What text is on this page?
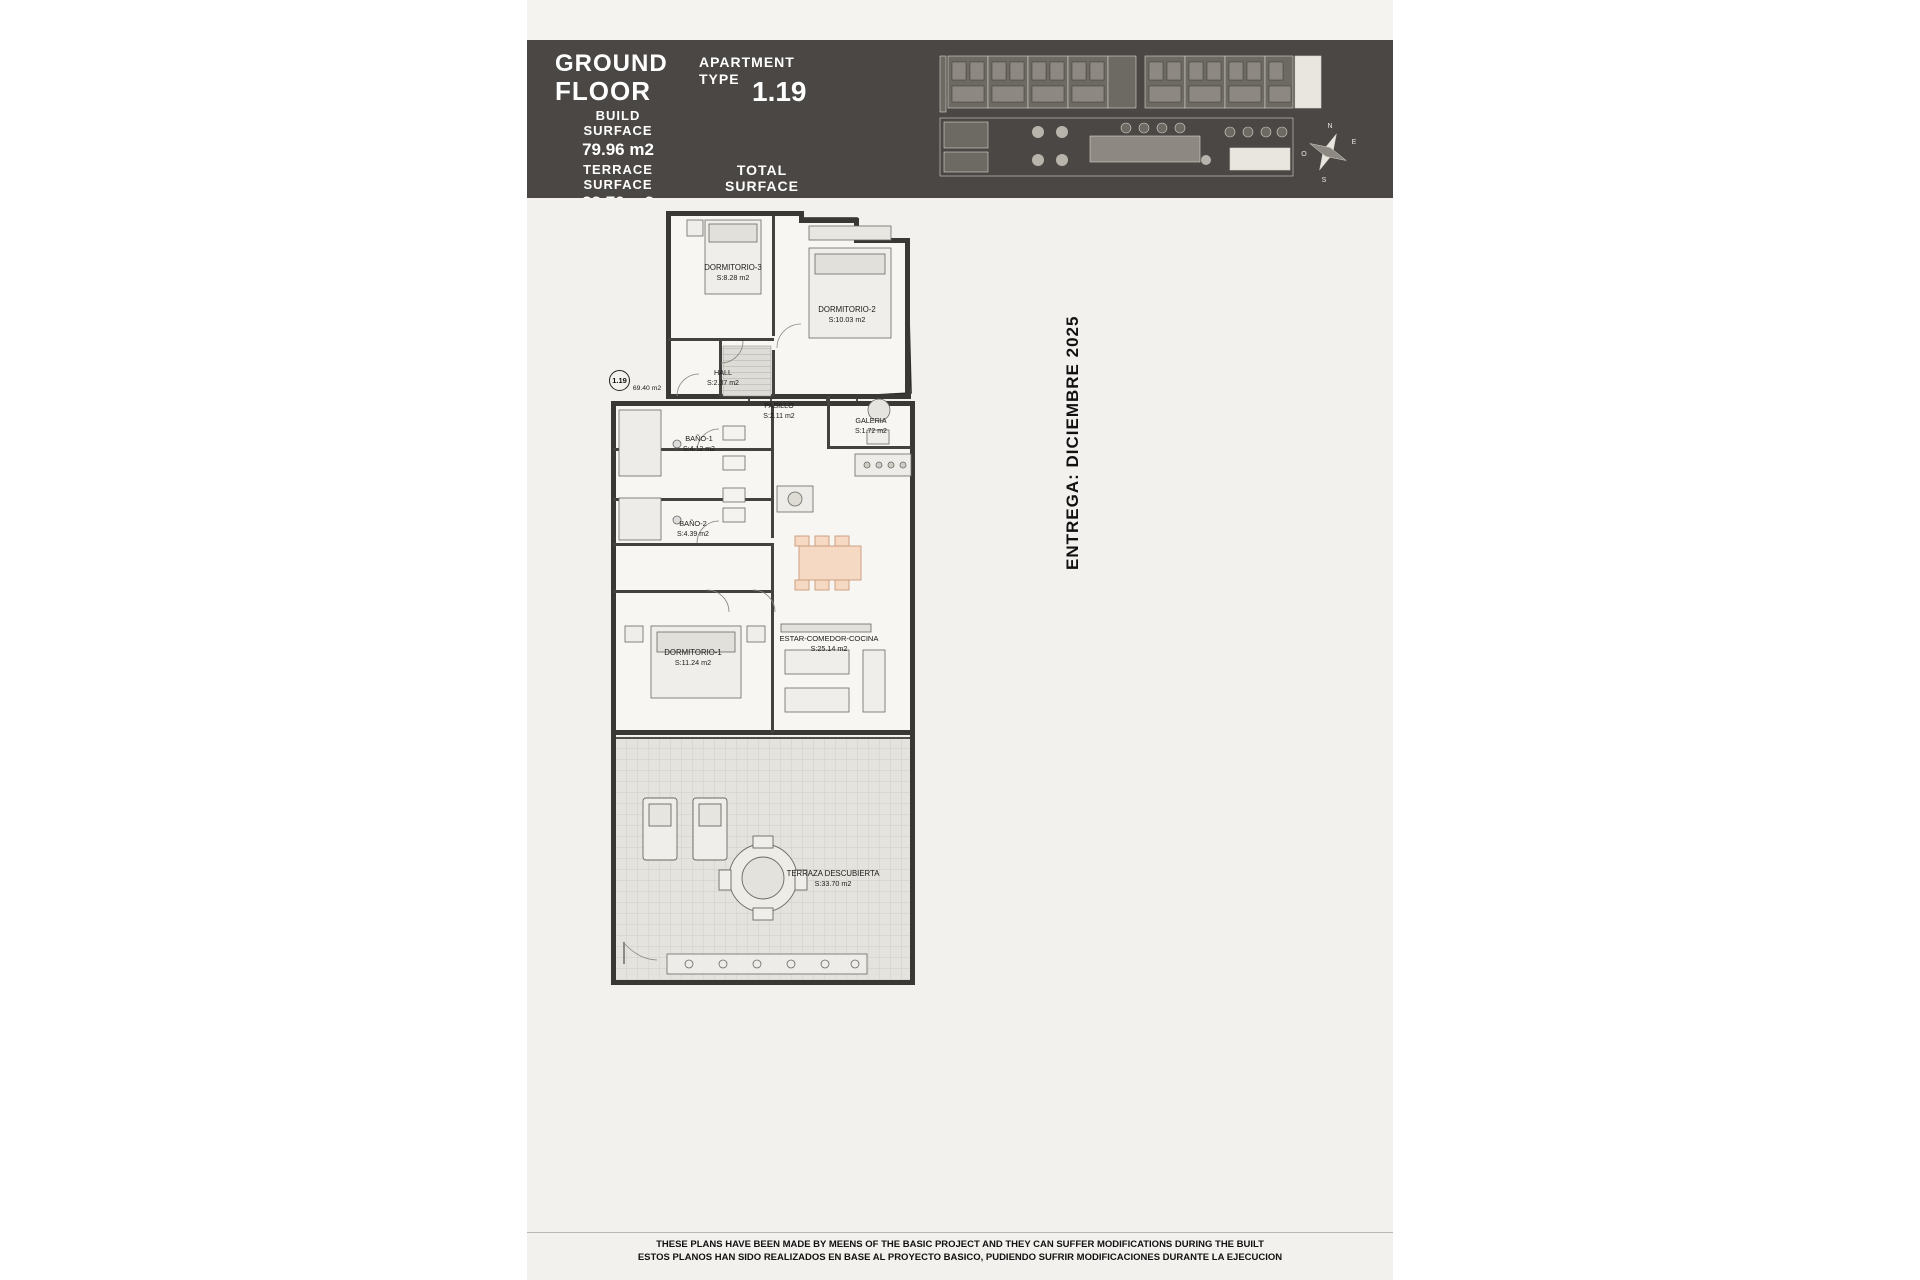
GROUND
FLOOR
APARTMENT
TYPE 1.19
BUILD
SURFACE
79.96 m2
TERRACE
SURFACE
TOTAL
SURFACE
N
E
O
S
DORMITORIO-3
S:8.28 m2
DORMITORIO-2
S:10.03 m2
HALL
S:2.37 m2
PASILLO
S:2.11 m2	GALERIA
S:1.72 m2
BAÑO-1
S:4.12 m2
BAÑO-2
S:4.39 m2
DORMITORIO-1
S:11.24 m2
ESTAR-COMEDOR-COCINA
S:25.14 m2
TERRAZA DESCUBIERTA
S:33.70 m2
69.40 m2
1.19
THESE PLANS HAVE BEEN MADE BY MEENS OF THE BASIC PROJECT AND THEY CAN SUFFER MODIFICATIONS DURING THE BUILT
ESTOS PLANOS HAN SIDO REALIZADOS EN BASE AL PROYECTO BASICO, PUDIENDO SUFRIR MODIFICACIONES DURANTE LA EJECUCION
ENTREGA: DICIEMBRE 2025
